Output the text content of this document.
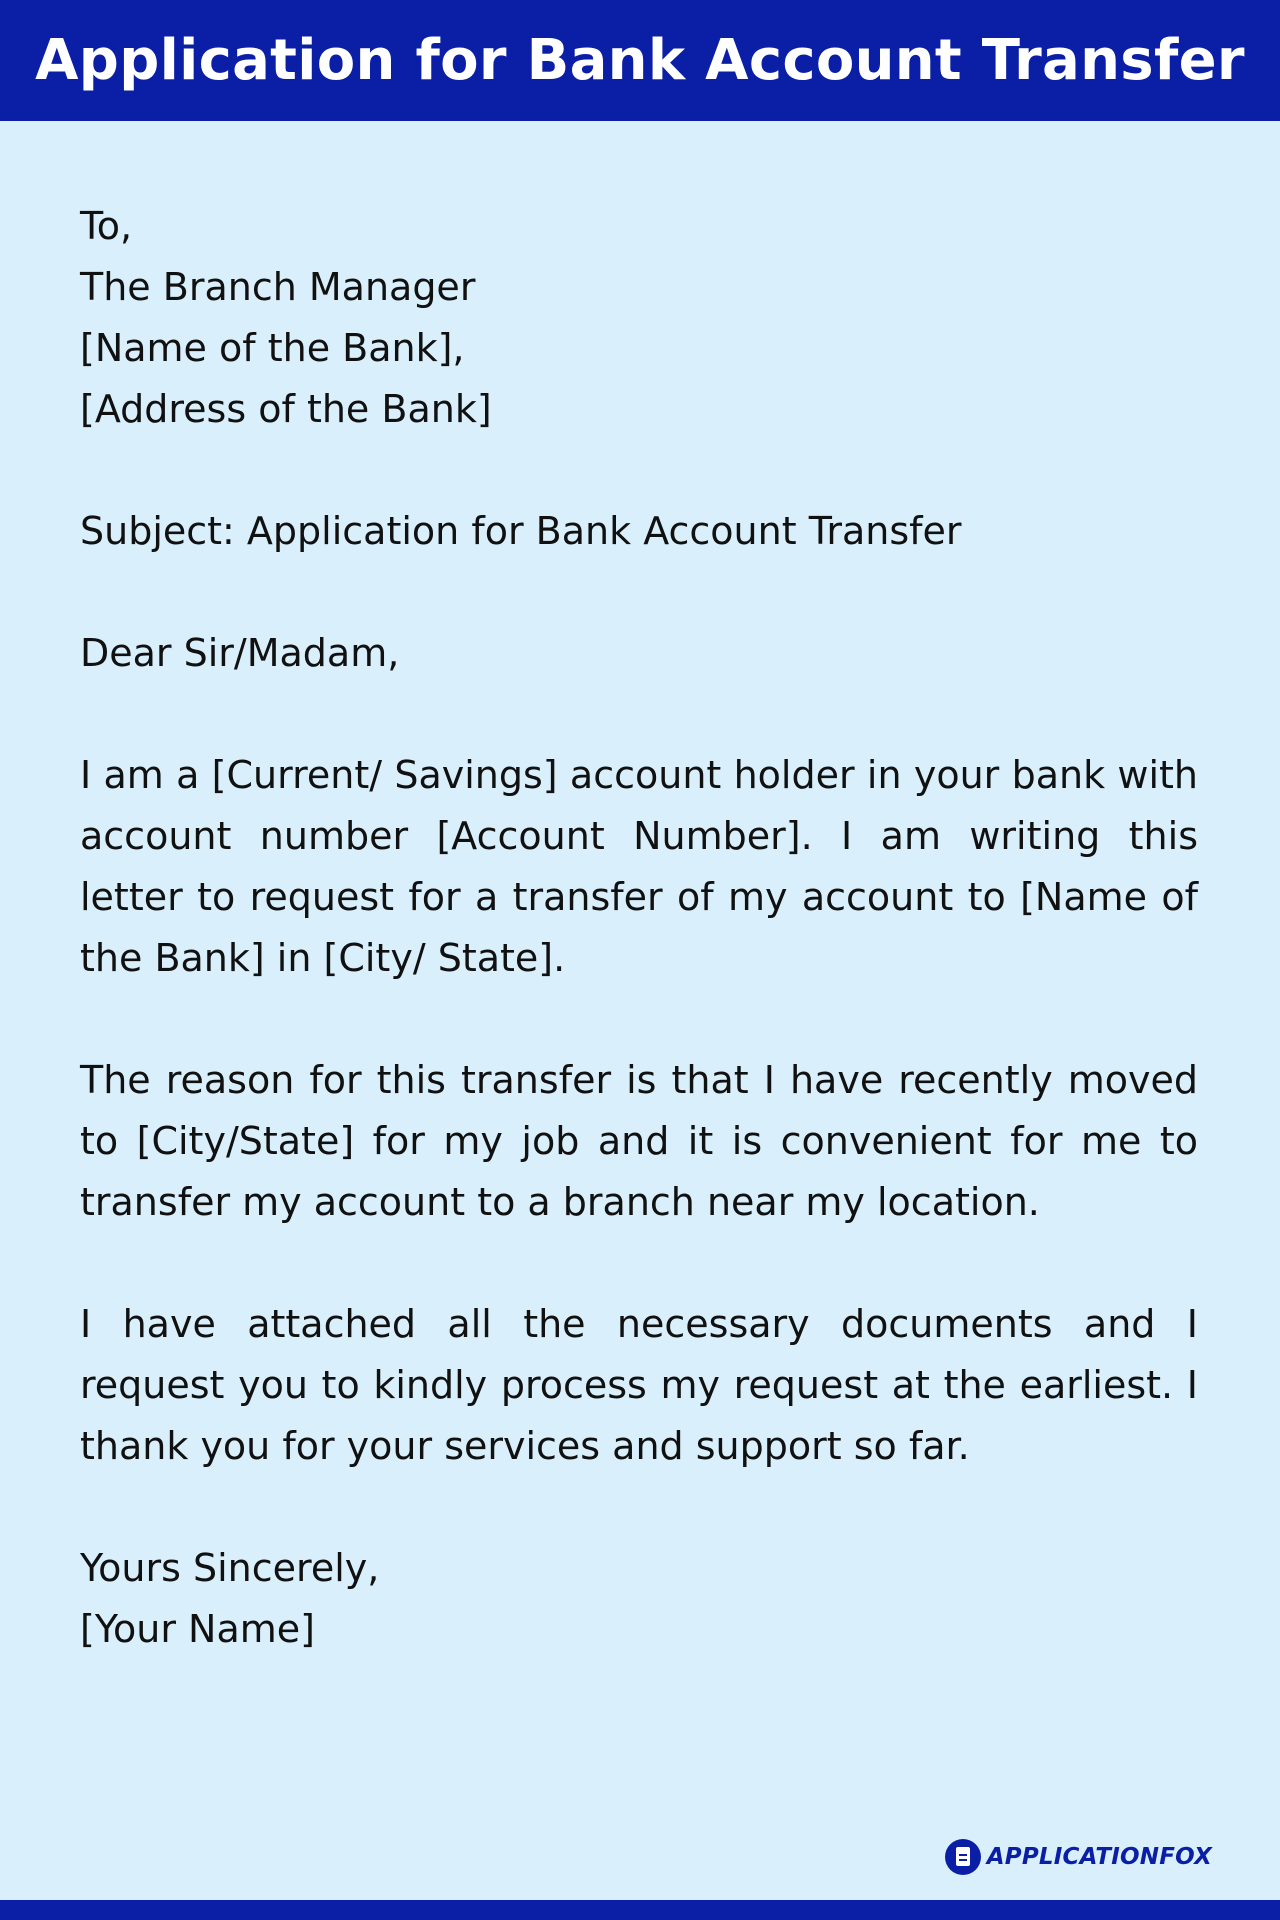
Application for Bank Account Transfer
To,
The Branch Manager
[Name of the Bank],
[Address of the Bank]
Subject: Application for Bank Account Transfer
Dear Sir/Madam,

I am a [Current/ Savings] account holder in your bank with account number [Account Number]. I am writing this letter to request for a transfer of my account to [Name of the Bank] in [City/ State].

The reason for this transfer is that I have recently moved to [City/State] for my job and it is convenient for me to transfer my account to a branch near my location.

I have attached all the necessary documents and I request you to kindly process my request at the earliest. I thank you for your services and support so far.

Yours Sincerely,
[Your Name]
APPLICATIONFOX
